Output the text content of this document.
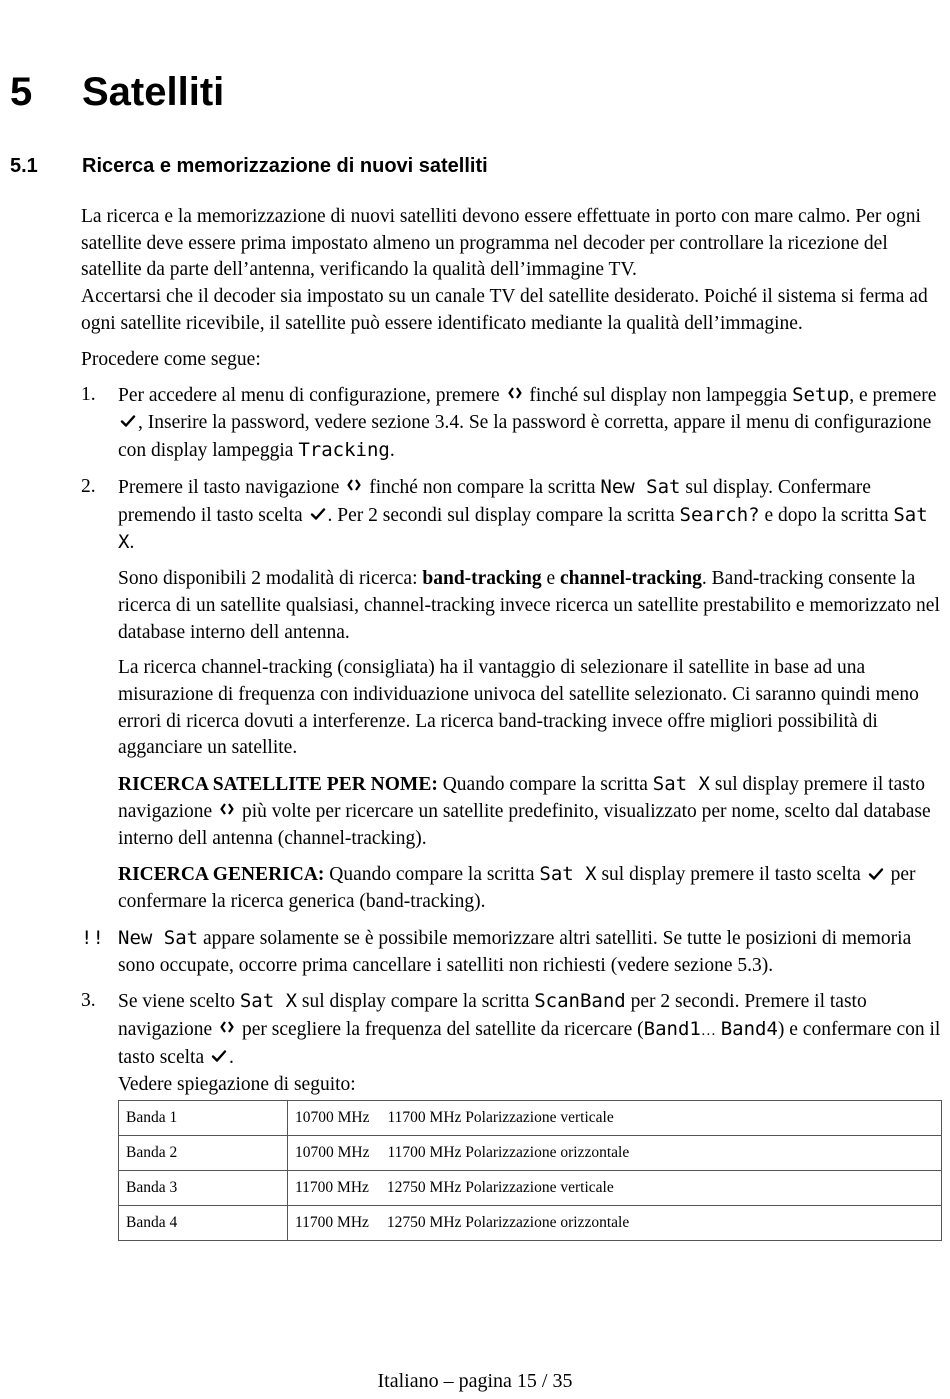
5 Satelliti
5.1 Ricerca e memorizzazione di nuovi satelliti

La ricerca e la memorizzazione di nuovi satelliti devono essere effettuate in porto con mare calmo. Per ogni satellite deve essere prima impostato almeno un programma nel decoder per controllare la ricezione del satellite da parte dell’antenna, verificando la qualità dell’immagine TV.
Accertarsi che il decoder sia impostato su un canale TV del satellite desiderato. Poiché il sistema si ferma ad ogni satellite ricevibile, il satellite può essere identificato mediante la qualità dell’immagine.

Procedere come segue:

1. Per accedere al menu di configurazione, premere finché sul display non lampeggia Setup, e premere , Inserire la password, vedere sezione 3.4. Se la password è corretta, appare il menu di configurazione con display lampeggia Tracking.

2. Premere il tasto navigazione finché non compare la scritta New Sat sul display. Confermare premendo il tasto scelta . Per 2 secondi sul display compare la scritta Search? e dopo la scritta Sat X.

Sono disponibili 2 modalità di ricerca: band-tracking e channel-tracking. Band-tracking consente la ricerca di un satellite qualsiasi, channel-tracking invece ricerca un satellite prestabilito e memorizzato nel database interno dell antenna.

La ricerca channel-tracking (consigliata) ha il vantaggio di selezionare il satellite in base ad una misurazione di frequenza con individuazione univoca del satellite selezionato. Ci saranno quindi meno errori di ricerca dovuti a interferenze. La ricerca band-tracking invece offre migliori possibilità di agganciare un satellite.

RICERCA SATELLITE PER NOME: Quando compare la scritta Sat X sul display premere il tasto navigazione più volte per ricercare un satellite predefinito, visualizzato per nome, scelto dal database interno dell antenna (channel-tracking).

RICERCA GENERICA: Quando compare la scritta Sat X sul display premere il tasto scelta per confermare la ricerca generica (band-tracking).

!! New Sat appare solamente se è possibile memorizzare altri satelliti. Se tutte le posizioni di memoria sono occupate, occorre prima cancellare i satelliti non richiesti (vedere sezione 5.3).

3. Se viene scelto Sat X sul display compare la scritta ScanBand per 2 secondi. Premere il tasto navigazione per scegliere la frequenza del satellite da ricercare (Band1… Band4) e confermare con il tasto scelta .
Vedere spiegazione di seguito:

Banda 1	10700 MHz 11700 MHz Polarizzazione verticale
Banda 2	10700 MHz 11700 MHz Polarizzazione orizzontale
Banda 3	11700 MHz 12750 MHz Polarizzazione verticale
Banda 4	11700 MHz 12750 MHz Polarizzazione orizzontale
Italiano – pagina 15 / 35
